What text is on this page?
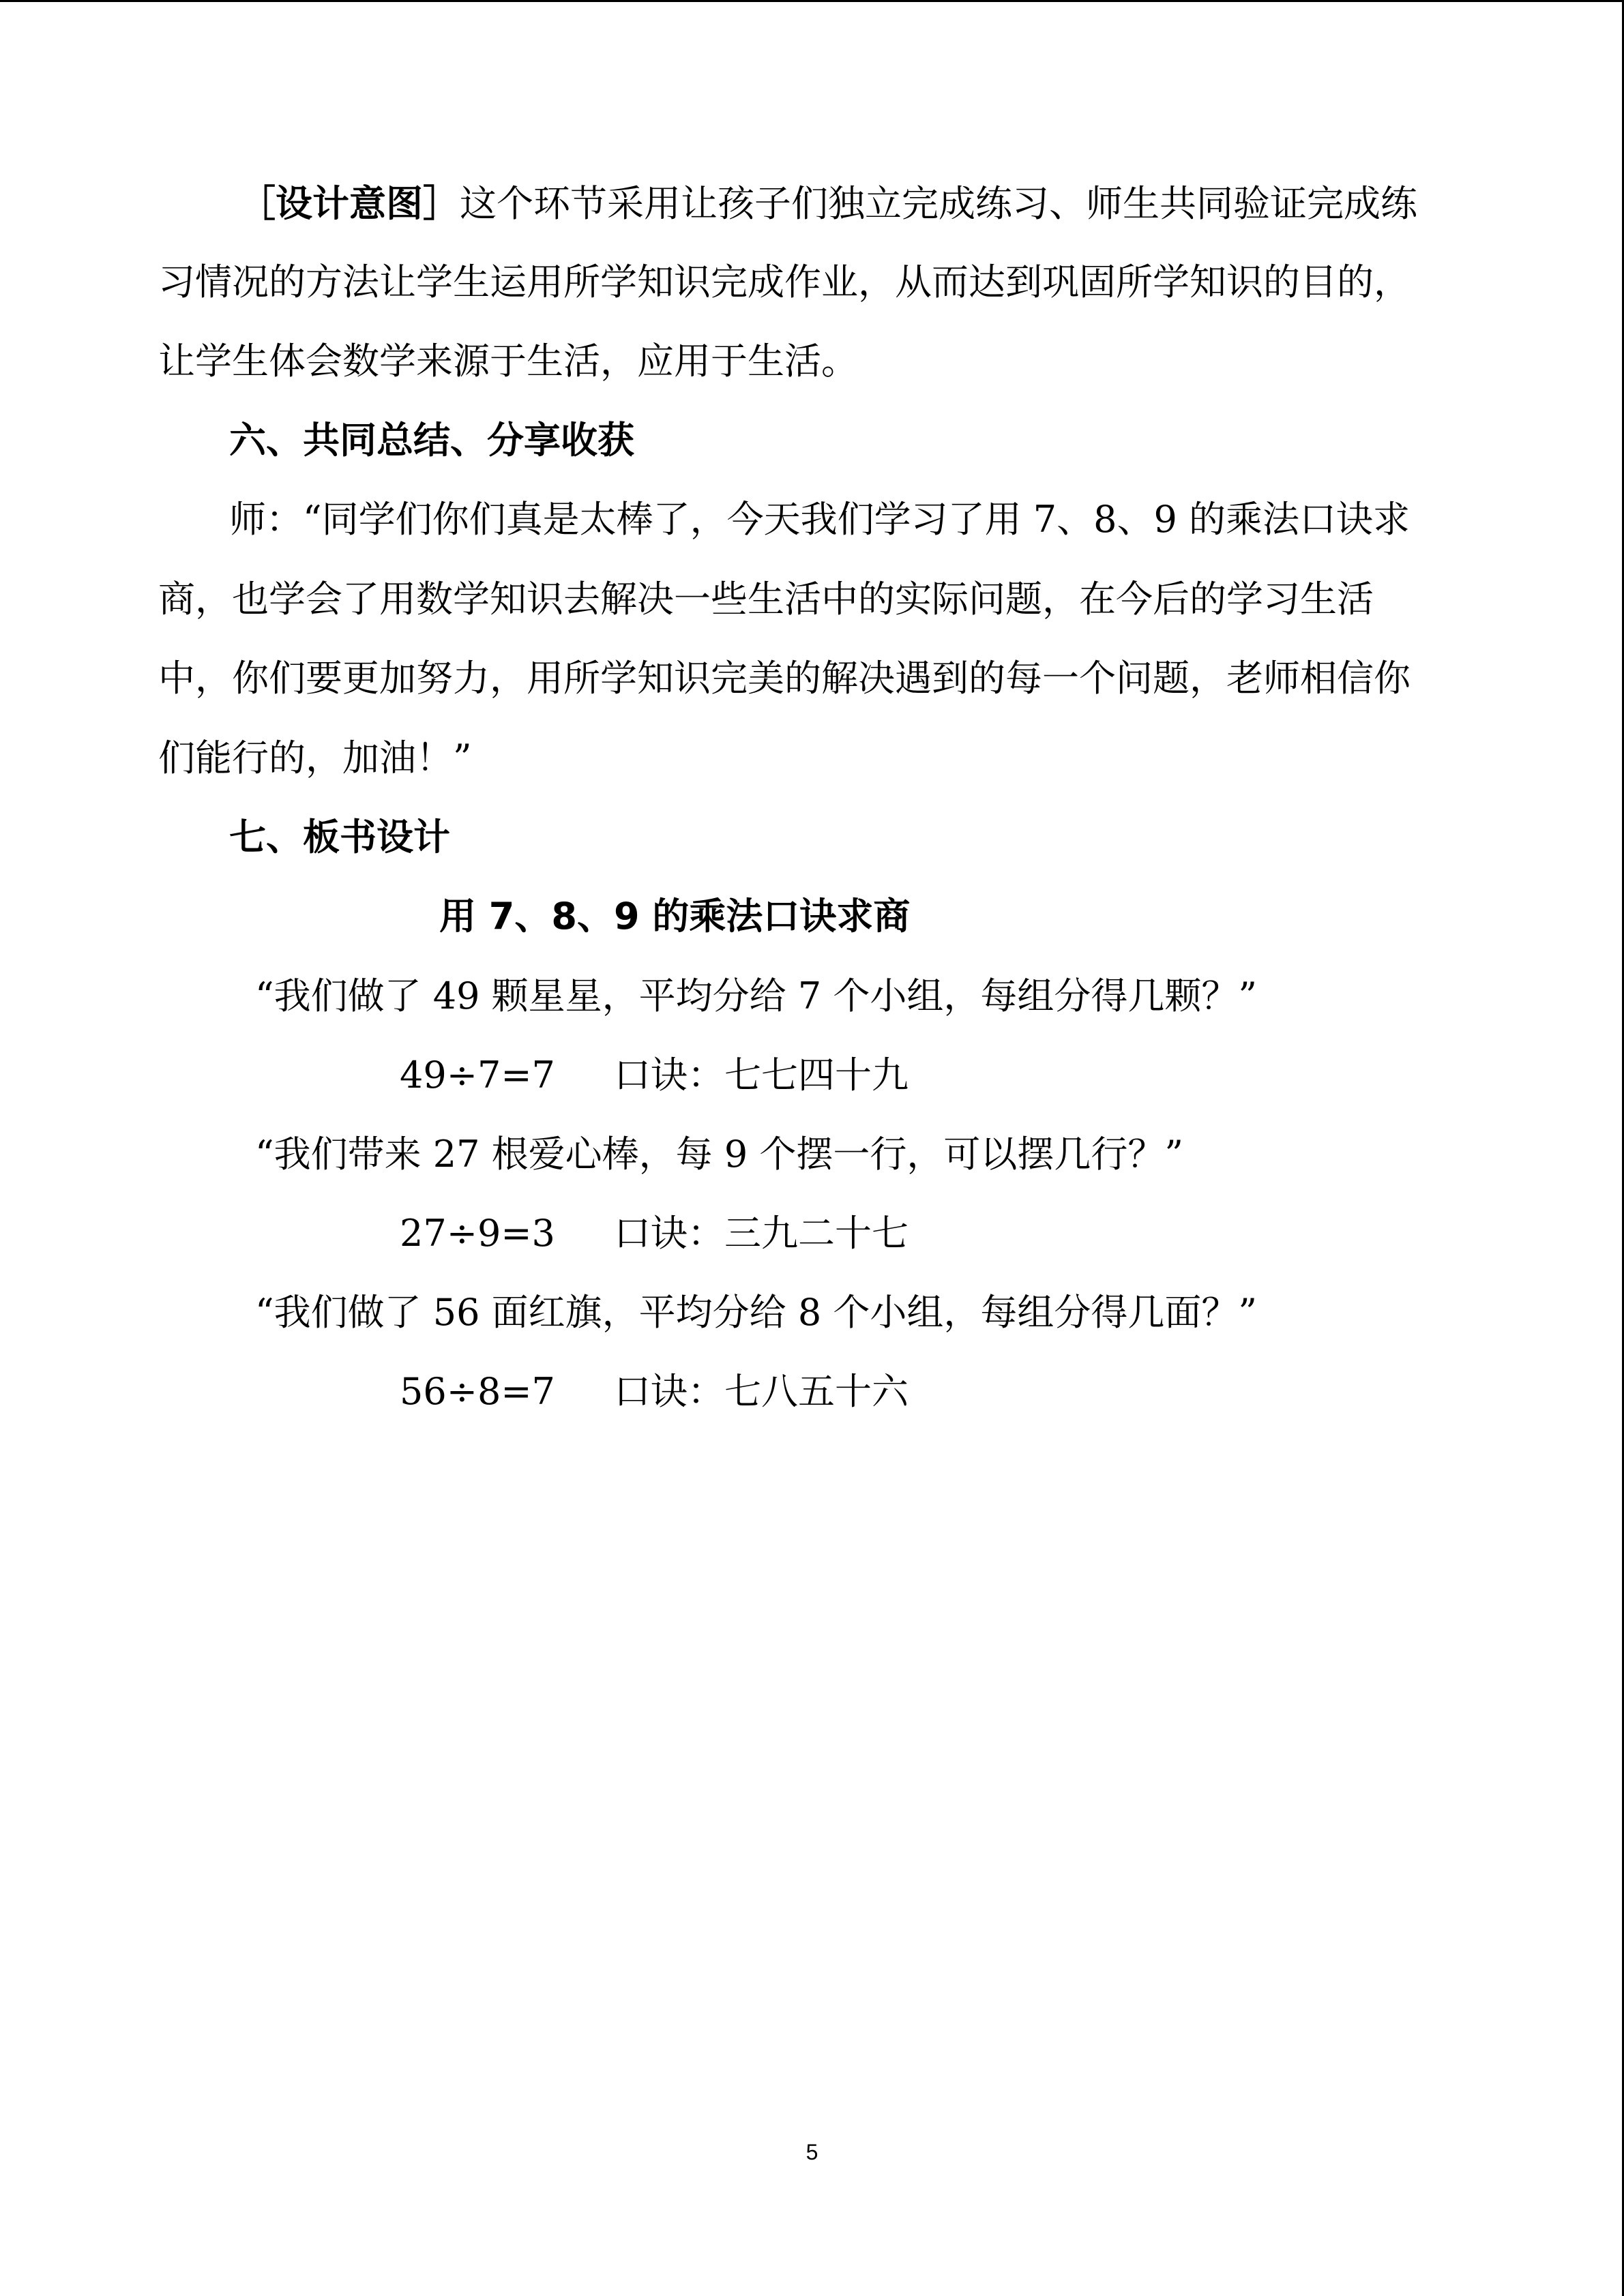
［设计意图］这个环节采用让孩子们独立完成练习、师生共同验证完成练
习情况的方法让学生运用所学知识完成作业，从而达到巩固所学知识的目的，
让学生体会数学来源于生活，应用于生活。
六、共同总结、分享收获
师：“同学们你们真是太棒了，今天我们学习了用 7、8、9 的乘法口诀求
商，也学会了用数学知识去解决一些生活中的实际问题，在今后的学习生活
中，你们要更加努力，用所学知识完美的解决遇到的每一个问题，老师相信你
们能行的，加油！”
七、板书设计
用 7、8、9 的乘法口诀求商
“我们做了 49 颗星星，平均分给 7 个小组，每组分得几颗？”
49÷7=7 口诀：七七四十九
“我们带来 27 根爱心棒，每 9 个摆一行，可以摆几行？”
27÷9=3 口诀：三九二十七
“我们做了 56 面红旗，平均分给 8 个小组，每组分得几面？”
56÷8=7 口诀：七八五十六
5
